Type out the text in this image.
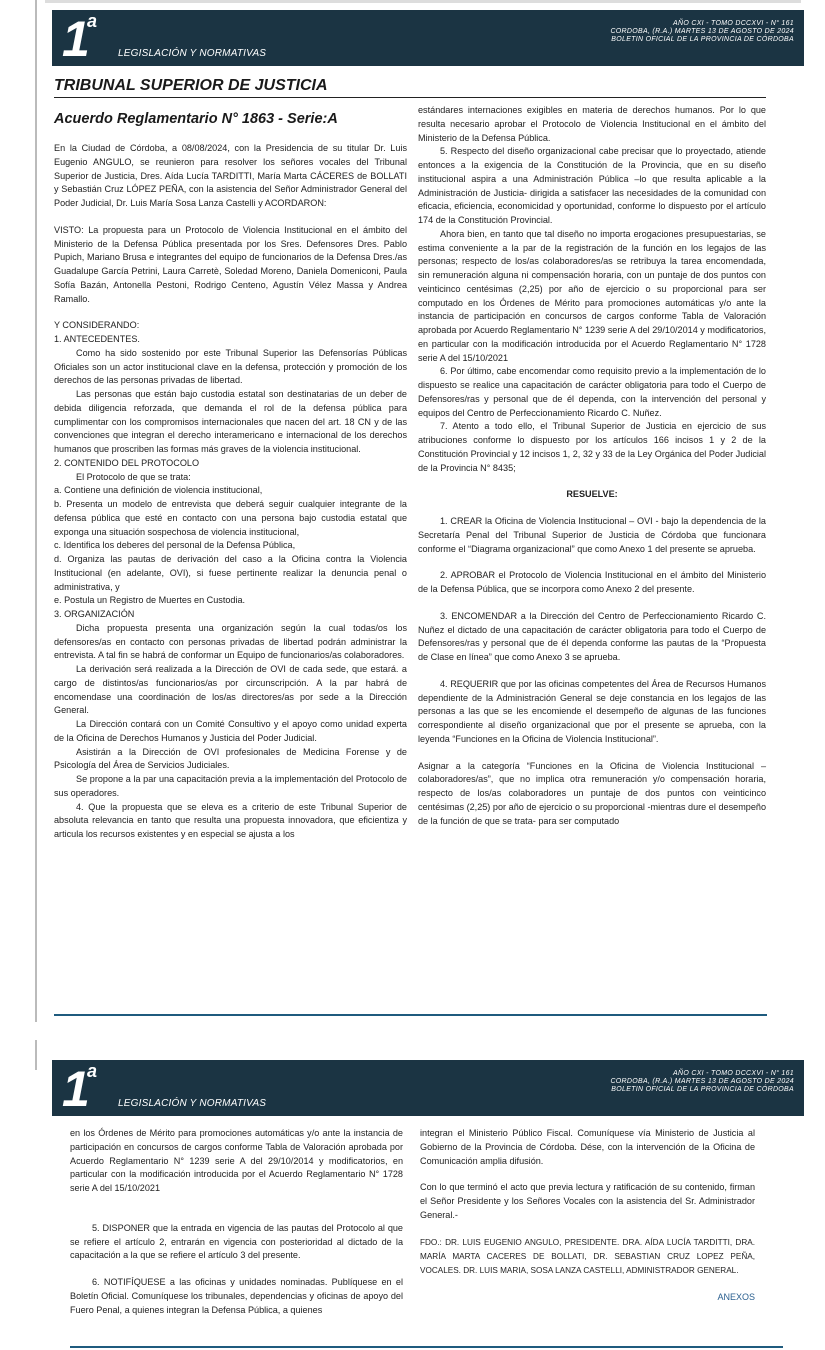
1
a
LEGISLACIÓN Y NORMATIVAS
AÑO CXI - TOMO DCCXVI - N° 161
CORDOBA, (R.A.) MARTES 13 DE AGOSTO DE 2024
BOLETIN OFICIAL DE LA PROVINCIA DE CÓRDOBA
TRIBUNAL SUPERIOR DE JUSTICIA

Acuerdo Reglamentario N° 1863 - Serie:A

En la Ciudad de Córdoba, a 08/08/2024, con la Presidencia de su titular Dr. Luis Eugenio ANGULO, se reunieron para resolver los señores vocales del Tribunal Superior de Justicia, Dres. Aída Lucía TARDITTI, María Marta CÁCERES de BOLLATI y Sebastián Cruz LÓPEZ PEÑA, con la asistencia del Señor Administrador General del Poder Judicial, Dr. Luis María Sosa Lanza Castelli y ACORDARON:

VISTO: La propuesta para un Protocolo de Violencia Institucional en el ámbito del Ministerio de la Defensa Pública presentada por los Sres. Defensores Dres. Pablo Pupich, Mariano Brusa e integrantes del equipo de funcionarios de la Defensa Dres./as Guadalupe García Petrini, Laura Carretè, Soledad Moreno, Daniela Domeniconi, Paula Sofía Bazán, Antonella Pestoni, Rodrigo Centeno, Agustín Vélez Massa y Andrea Ramallo.

Y CONSIDERANDO:

1. ANTECEDENTES.

Como ha sido sostenido por este Tribunal Superior las Defensorías Públicas Oficiales son un actor institucional clave en la defensa, protección y promoción de los derechos de las personas privadas de libertad.

Las personas que están bajo custodia estatal son destinatarias de un deber de debida diligencia reforzada, que demanda el rol de la defensa pública para cumplimentar con los compromisos internacionales que nacen del art. 18 CN y de las convenciones que integran el derecho interamericano e internacional de los derechos humanos que proscriben las formas más graves de la violencia institucional.

2. CONTENIDO DEL PROTOCOLO

El Protocolo de que se trata:

a. Contiene una definición de violencia institucional,

b. Presenta un modelo de entrevista que deberá seguir cualquier integrante de la defensa pública que esté en contacto con una persona bajo custodia estatal que exponga una situación sospechosa de violencia institucional,

c. Identifica los deberes del personal de la Defensa Pública,

d. Organiza las pautas de derivación del caso a la Oficina contra la Violencia Institucional (en adelante, OVI), si fuese pertinente realizar la denuncia penal o administrativa, y

e. Postula un Registro de Muertes en Custodia.

3. ORGANIZACIÓN

Dicha propuesta presenta una organización según la cual todas/os los defensores/as en contacto con personas privadas de libertad podrán administrar la entrevista. A tal fin se habrá de conformar un Equipo de funcionarios/as colaboradores.

La derivación será realizada a la Dirección de OVI de cada sede, que estará. a cargo de distintos/as funcionarios/as por circunscripción. A la par habrá de encomendase una coordinación de los/as directores/as por sede a la Dirección General.

La Dirección contará con un Comité Consultivo y el apoyo como unidad experta de la Oficina de Derechos Humanos y Justicia del Poder Judicial.

Asistirán a la Dirección de OVI profesionales de Medicina Forense y de Psicología del Área de Servicios Judiciales.

Se propone a la par una capacitación previa a la implementación del Protocolo de sus operadores.

4. Que la propuesta que se eleva es a criterio de este Tribunal Superior de absoluta relevancia en tanto que resulta una propuesta innovadora, que eficientiza y articula los recursos existentes y en especial se ajusta a los

estándares internaciones exigibles en materia de derechos humanos. Por lo que resulta necesario aprobar el Protocolo de Violencia Institucional en el ámbito del Ministerio de la Defensa Pública.

5. Respecto del diseño organizacional cabe precisar que lo proyectado, atiende entonces a la exigencia de la Constitución de la Provincia, que en su diseño institucional aspira a una Administración Pública –lo que resulta aplicable a la Administración de Justicia- dirigida a satisfacer las necesidades de la comunidad con eficacia, eficiencia, economicidad y oportunidad, conforme lo dispuesto por el artículo 174 de la Constitución Provincial.

Ahora bien, en tanto que tal diseño no importa erogaciones presupuestarias, se estima conveniente a la par de la registración de la función en los legajos de las personas; respecto de los/as colaboradores/as se retribuya la tarea encomendada, sin remuneración alguna ni compensación horaria, con un puntaje de dos puntos con veinticinco centésimas (2,25) por año de ejercicio o su proporcional para ser computado en los Órdenes de Mérito para promociones automáticas y/o ante la instancia de participación en concursos de cargos conforme Tabla de Valoración aprobada por Acuerdo Reglamentario N° 1239 serie A del 29/10/2014 y modificatorios, en particular con la modificación introducida por el Acuerdo Reglamentario N° 1728 serie A del 15/10/2021

6. Por último, cabe encomendar como requisito previo a la implementación de lo dispuesto se realice una capacitación de carácter obligatoria para todo el Cuerpo de Defensores/ras y personal que de él dependa, con la intervención del personal y equipos del Centro de Perfeccionamiento Ricardo C. Nuñez.

7. Atento a todo ello, el Tribunal Superior de Justicia en ejercicio de sus atribuciones conforme lo dispuesto por los artículos 166 incisos 1 y 2 de la Constitución Provincial y 12 incisos 1, 2, 32 y 33 de la Ley Orgánica del Poder Judicial de la Provincia N° 8435;

RESUELVE:

1. CREAR la Oficina de Violencia Institucional – OVI - bajo la dependencia de la Secretaría Penal del Tribunal Superior de Justicia de Córdoba que funcionara conforme el “Diagrama organizacional” que como Anexo 1 del presente se aprueba.

2. APROBAR el Protocolo de Violencia Institucional en el ámbito del Ministerio de la Defensa Pública, que se incorpora como Anexo 2 del presente.

3. ENCOMENDAR a la Dirección del Centro de Perfeccionamiento Ricardo C. Nuñez el dictado de una capacitación de carácter obligatoria para todo el Cuerpo de Defensores/ras y personal que de él dependa conforme las pautas de la “Propuesta de Clase en línea” que como Anexo 3 se aprueba.

4. REQUERIR que por las oficinas competentes del Área de Recursos Humanos dependiente de la Administración General se deje constancia en los legajos de las personas a las que se les encomiende el desempeño de algunas de las funciones correspondiente al diseño organizacional que por el presente se aprueba, con la leyenda “Funciones en la Oficina de Violencia Institucional”.

Asignar a la categoría “Funciones en la Oficina de Violencia Institucional –colaboradores/as”, que no implica otra remuneración y/o compensación horaria, respecto de los/as colaboradores un puntaje de dos puntos con veinticinco centésimas (2,25) por año de ejercicio o su proporcional -mientras dure el desempeño de la función de que se trata- para ser computado

1
a
LEGISLACIÓN Y NORMATIVAS
AÑO CXI - TOMO DCCXVI - N° 161
CORDOBA, (R.A.) MARTES 13 DE AGOSTO DE 2024
BOLETIN OFICIAL DE LA PROVINCIA DE CÓRDOBA

en los Órdenes de Mérito para promociones automáticas y/o ante la instancia de participación en concursos de cargos conforme Tabla de Valoración aprobada por Acuerdo Reglamentario N° 1239 serie A del 29/10/2014 y modificatorios, en particular con la modificación introducida por el Acuerdo Reglamentario N° 1728 serie A del 15/10/2021

5. DISPONER que la entrada en vigencia de las pautas del Protocolo al que se refiere el artículo 2, entrarán en vigencia con posterioridad al dictado de la capacitación a la que se refiere el artículo 3 del presente.

6. NOTIFÍQUESE a las oficinas y unidades nominadas. Publíquese en el Boletín Oficial. Comuníquese los tribunales, dependencias y oficinas de apoyo del Fuero Penal, a quienes integran la Defensa Pública, a quienes

integran el Ministerio Público Fiscal. Comuníquese vía Ministerio de Justicia al Gobierno de la Provincia de Córdoba. Dése, con la intervención de la Oficina de Comunicación amplia difusión.

Con lo que terminó el acto que previa lectura y ratificación de su contenido, firman el Señor Presidente y los Señores Vocales con la asistencia del Sr. Administrador General.-

FDO.: DR. LUIS EUGENIO ANGULO, PRESIDENTE. DRA. AÍDA LUCÍA TARDITTI, DRA. MARÍA MARTA CACERES DE BOLLATI, DR. SEBASTIAN CRUZ LOPEZ PEÑA, VOCALES. DR. LUIS MARIA, SOSA LANZA CASTELLI, ADMINISTRADOR GENERAL.

ANEXOS
